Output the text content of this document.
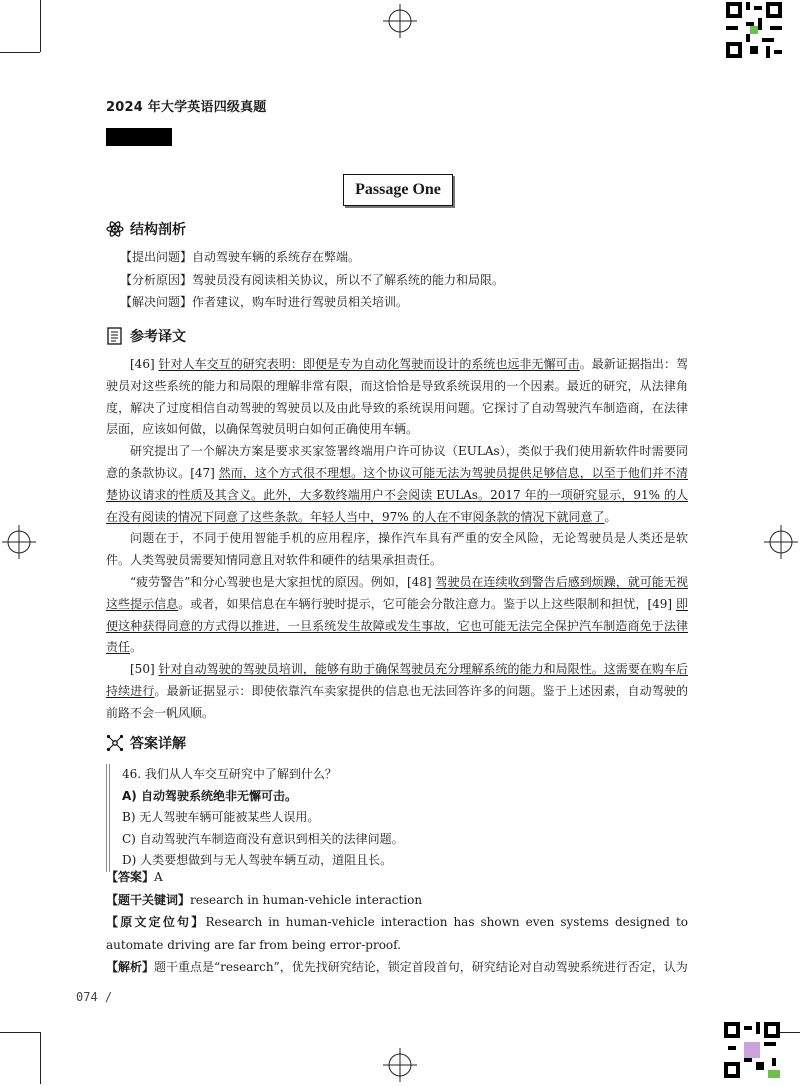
2024 年大学英语四级真题
Passage One
结构剖析
【提出问题】自动驾驶车辆的系统存在弊端。
【分析原因】驾驶员没有阅读相关协议，所以不了解系统的能力和局限。
【解决问题】作者建议，购车时进行驾驶员相关培训。
参考译文

[46] 针对人车交互的研究表明：即便是专为自动化驾驶而设计的系统也远非无懈可击。最新证据指出：驾驶员对这些系统的能力和局限的理解非常有限，而这恰恰是导致系统误用的一个因素。最近的研究，从法律角度，解决了过度相信自动驾驶的驾驶员以及由此导致的系统误用问题。它探讨了自动驾驶汽车制造商，在法律层面，应该如何做，以确保驾驶员明白如何正确使用车辆。

研究提出了一个解决方案是要求买家签署终端用户许可协议（EULAs），类似于我们使用新软件时需要同意的条款协议。[47] 然而，这个方式很不理想。这个协议可能无法为驾驶员提供足够信息，以至于他们并不清楚协议请求的性质及其含义。此外，大多数终端用户不会阅读 EULAs。2017 年的一项研究显示，91% 的人在没有阅读的情况下同意了这些条款。年轻人当中，97% 的人在不审阅条款的情况下就同意了。

问题在于，不同于使用智能手机的应用程序，操作汽车具有严重的安全风险，无论驾驶员是人类还是软件。人类驾驶员需要知情同意且对软件和硬件的结果承担责任。

“疲劳警告”和分心驾驶也是大家担忧的原因。例如，[48] 驾驶员在连续收到警告后感到烦躁，就可能无视这些提示信息。或者，如果信息在车辆行驶时提示，它可能会分散注意力。鉴于以上这些限制和担忧，[49] 即便这种获得同意的方式得以推进，一旦系统发生故障或发生事故，它也可能无法完全保护汽车制造商免于法律责任。

[50] 针对自动驾驶的驾驶员培训，能够有助于确保驾驶员充分理解系统的能力和局限性。这需要在购车后持续进行。最新证据显示：即使依靠汽车卖家提供的信息也无法回答许多的问题。鉴于上述因素，自动驾驶的前路不会一帆风顺。

答案详解
46. 我们从人车交互研究中了解到什么？
A) 自动驾驶系统绝非无懈可击。
B) 无人驾驶车辆可能被某些人误用。
C) 自动驾驶汽车制造商没有意识到相关的法律问题。
D) 人类要想做到与无人驾驶车辆互动，道阻且长。
【答案】A
【题干关键词】research in human-vehicle interaction
【原文定位句】Research in human-vehicle interaction has shown even systems designed to automate driving are far from being error-proof.
【解析】题干重点是“research”，优先找研究结论，锁定首段首句，研究结论对自动驾驶系统进行否定，认为
074 /
